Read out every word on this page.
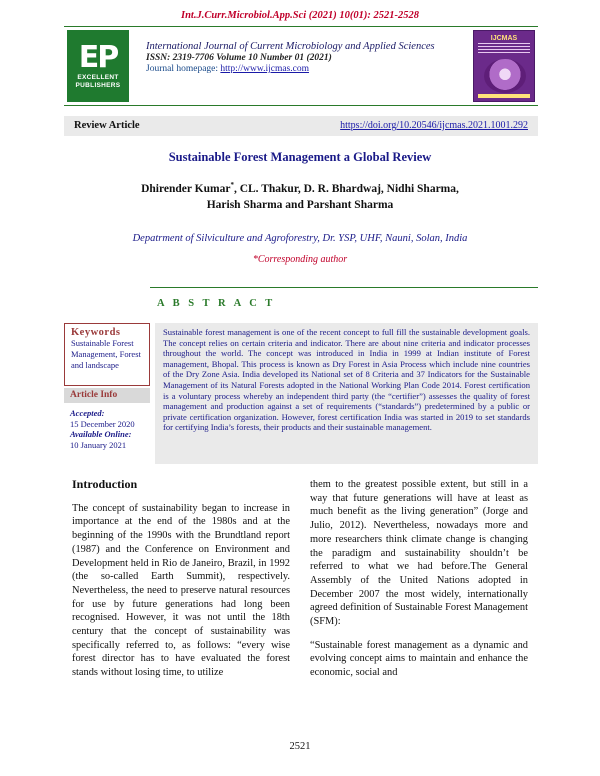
Int.J.Curr.Microbiol.App.Sci (2021) 10(01): 2521-2528
EP
EXCELLENT
PUBLISHERS
International Journal of Current Microbiology and Applied Sciences
ISSN: 2319-7706 Volume 10 Number 01 (2021)
Journal homepage: http://www.ijcmas.com
IJCMAS
Review Article	https://doi.org/10.20546/ijcmas.2021.1001.292
Sustainable Forest Management a Global Review
Dhirender Kumar*, CL. Thakur, D. R. Bhardwaj, Nidhi Sharma,
Harish Sharma and Parshant Sharma
Depatrment of Silviculture and Agroforestry, Dr. YSP, UHF, Nauni, Solan, India
*Corresponding author
A B S T R A C T
Keywords
Sustainable Forest Management, Forest and landscape
Article Info
Accepted:
15 December 2020
Available Online:
10 January 2021
Sustainable forest management is one of the recent concept to full fill the sustainable development goals. The concept relies on certain criteria and indicator. There are about nine criteria and indicator processes throughout the world. The concept was introduced in India in 1999 at Indian institute of Forest management, Bhopal. This process is known as Dry Forest in Asia Process which include nine countries of the Dry Zone Asia. India developed its National set of 8 Criteria and 37 Indicators for the Sustainable Management of its Natural Forests adopted in the National Working Plan Code 2014. Forest certification is a voluntary process whereby an independent third party (the “certifier”) assesses the quality of forest management and production against a set of requirements (“standards”) predetermined by a public or private certification organization. However, forest certification India was started in 2019 to set standards for certifying India’s forests, their products and their sustainable management.
Introduction

The concept of sustainability began to increase in importance at the end of the 1980s and at the beginning of the 1990s with the Brundtland report (1987) and the Conference on Environment and Development held in Rio de Janeiro, Brazil, in 1992 (the so-called Earth Summit), respectively. Nevertheless, the need to preserve natural resources for use by future generations had long been recognised. However, it was not until the 18th century that the concept of sustainability was specifically referred to, as follows: “every wise forest director has to have evaluated the forest stands without losing time, to utilize

them to the greatest possible extent, but still in a way that future generations will have at least as much benefit as the living generation” (Jorge and Julio, 2012). Nevertheless, nowadays more and more researchers think climate change is changing the paradigm and sustainability shouldn’t be referred to what we had before.The General Assembly of the United Nations adopted in December 2007 the most widely, internationally agreed definition of Sustainable Forest Management (SFM):

“Sustainable forest management as a dynamic and evolving concept aims to maintain and enhance the economic, social and

2521
